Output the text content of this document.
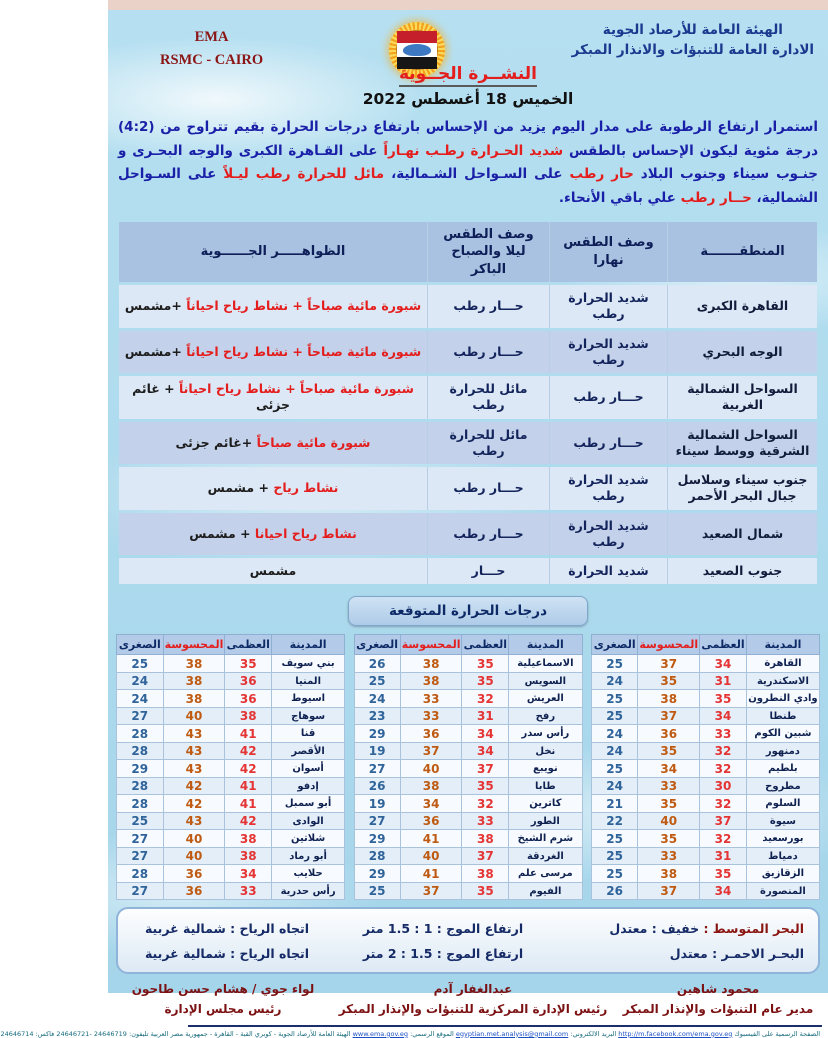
الهيئة العامة للأرصاد الجوية
الادارة العامة للتنبؤات والانذار المبكر
EMA
RSMC - CAIRO
النشــرة الجــوية
الخميس 18 أغسطس 2022

استمرار ارتفاع الرطوبة على مدار اليوم يزيد من الإحساس بارتفاع درجات الحرارة بقيم تتراوح من (4:2) درجة مئوية ليكون الإحساس بالطقس شديد الحـرارة رطـب نهـاراً على القـاهرة الكبرى والوجه البحـرى و جنـوب سيناء وجنوب البلاد حار رطب على السـواحل الشـمالية، مائل للحرارة رطب ليـلاً على السـواحل الشمالية، حــار رطب علي باقي الأنحاء.

المنطقـــــــة	وصف الطقس نهارا	وصف الطقس ليلا والصباح الباكر	الظواهـــــر الجــــــوية
القاهرة الكبرى	شديد الحرارة رطب	حـــار رطب	شبورة مائية صباحاً + نشاط رياح احياناً +مشمس
الوجه البحري	شديد الحرارة رطب	حـــار رطب	شبورة مائية صباحاً + نشاط رياح احياناً +مشمس
السواحل الشمالية الغربية	حـــار رطب	مائل للحرارة رطب	شبورة مائية صباحاً + نشاط رياح احياناً + غائم جزئى
السواحل الشمالية الشرقية ووسط سيناء	حـــار رطب	مائل للحرارة رطب	شبورة مائية صباحاً +غائم جزئى
جنوب سيناء وسلاسل جبال البحر الأحمر	شديد الحرارة رطب	حـــار رطب	نشاط رياح + مشمس
شمال الصعيد	شديد الحرارة رطب	حـــار رطب	نشاط رياح احيانا + مشمس
جنوب الصعيد	شديد الحرارة	حـــار	مشمس
درجات الحرارة المتوقعة
المدينة	العظمى	المحسوسة	الصغرى
القاهرة	34	37	25
الاسكندرية	31	35	24
وادي النطرون	35	38	25
طنطا	34	37	25
شبين الكوم	33	36	24
دمنهور	32	35	24
بلطيم	32	34	25
مطروح	30	33	24
السلوم	32	35	21
سيوة	37	40	22
بورسعيد	32	35	25
دمياط	31	33	25
الزقازيق	35	38	25
المنصورة	34	37	26
المدينة	العظمى	المحسوسة	الصغرى
الاسماعيلية	35	38	26
السويس	35	38	25
العريش	32	33	24
رفح	31	33	23
رأس سدر	34	36	29
نخل	34	37	19
نويبع	37	40	27
طابا	35	38	26
كاترين	32	34	19
الطور	33	36	27
شرم الشيخ	38	41	29
الغردقة	37	40	28
مرسى علم	38	41	29
الفيوم	35	37	25
المدينة	العظمى	المحسوسة	الصغرى
بني سويف	35	38	25
المنيا	36	38	24
اسيوط	36	38	24
سوهاج	38	40	27
قنا	41	43	28
الأقصر	42	43	28
أسوان	42	43	29
إدفو	41	42	28
أبو سمبل	41	42	28
الوادى	42	43	25
شلاتين	38	40	27
أبو رماد	38	40	27
حلايب	34	36	28
رأس حدرية	33	36	27
البحر المتوسط : خفيف : معتدل
ارتفاع الموج : 1 : 1.5 متر
اتجاه الرياح : شمالية غربية
البحـر الاحمـر : معتدل
ارتفاع الموج : 1.5 : 2 متر
اتجاه الرياح : شمالية غربية
محمود شاهين
مدير عام التنبؤات والإنذار المبكر
عبدالغفار آدم
رئيس الإدارة المركزية للتنبؤات والإنذار المبكر
لواء جوي / هشام حسن طاحون
رئيس مجلس الإدارة
الصفحة الرسمية على الفيسبوك http://m.facebook.com/ema.gov.eg البريد الالكتروني: egyptian.met.analysis@gmail.com الموقع الرسمي: www.ema.gov.eg الهيئة العامة للأرصاد الجوية - كوبري القبة - القاهرة - جمهورية مصر العربية تليفون: 24646719 -24646721 فاكس: 24646714
